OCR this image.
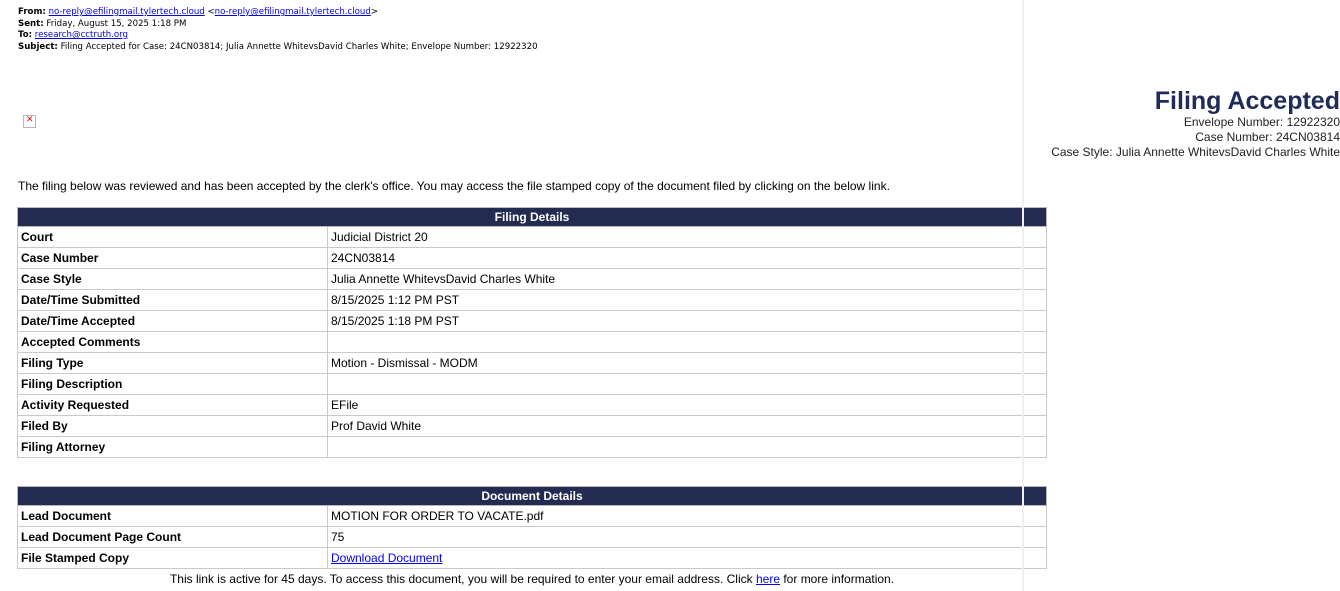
From: no-reply@efilingmail.tylertech.cloud <no-reply@efilingmail.tylertech.cloud>
Sent: Friday, August 15, 2025 1:18 PM
To: research@cctruth.org
Subject: Filing Accepted for Case: 24CN03814; Julia Annette WhitevsDavid Charles White; Envelope Number: 12922320
✕
Filing Accepted
Envelope Number: 12922320
Case Number: 24CN03814
Case Style: Julia Annette WhitevsDavid Charles White
The filing below was reviewed and has been accepted by the clerk's office. You may access the file stamped copy of the document filed by clicking on the below link.
Filing Details	
Court	Judicial District 20
Case Number	24CN03814
Case Style	Julia Annette WhitevsDavid Charles White
Date/Time Submitted	8/15/2025 1:12 PM PST
Date/Time Accepted	8/15/2025 1:18 PM PST
Accepted Comments	
Filing Type	Motion - Dismissal - MODM
Filing Description	
Activity Requested	EFile
Filed By	Prof David White
Filing Attorney	
Document Details	
Lead Document	MOTION FOR ORDER TO VACATE.pdf
Lead Document Page Count	75
File Stamped Copy	Download Document
This link is active for 45 days. To access this document, you will be required to enter your email address. Click here for more information.	
